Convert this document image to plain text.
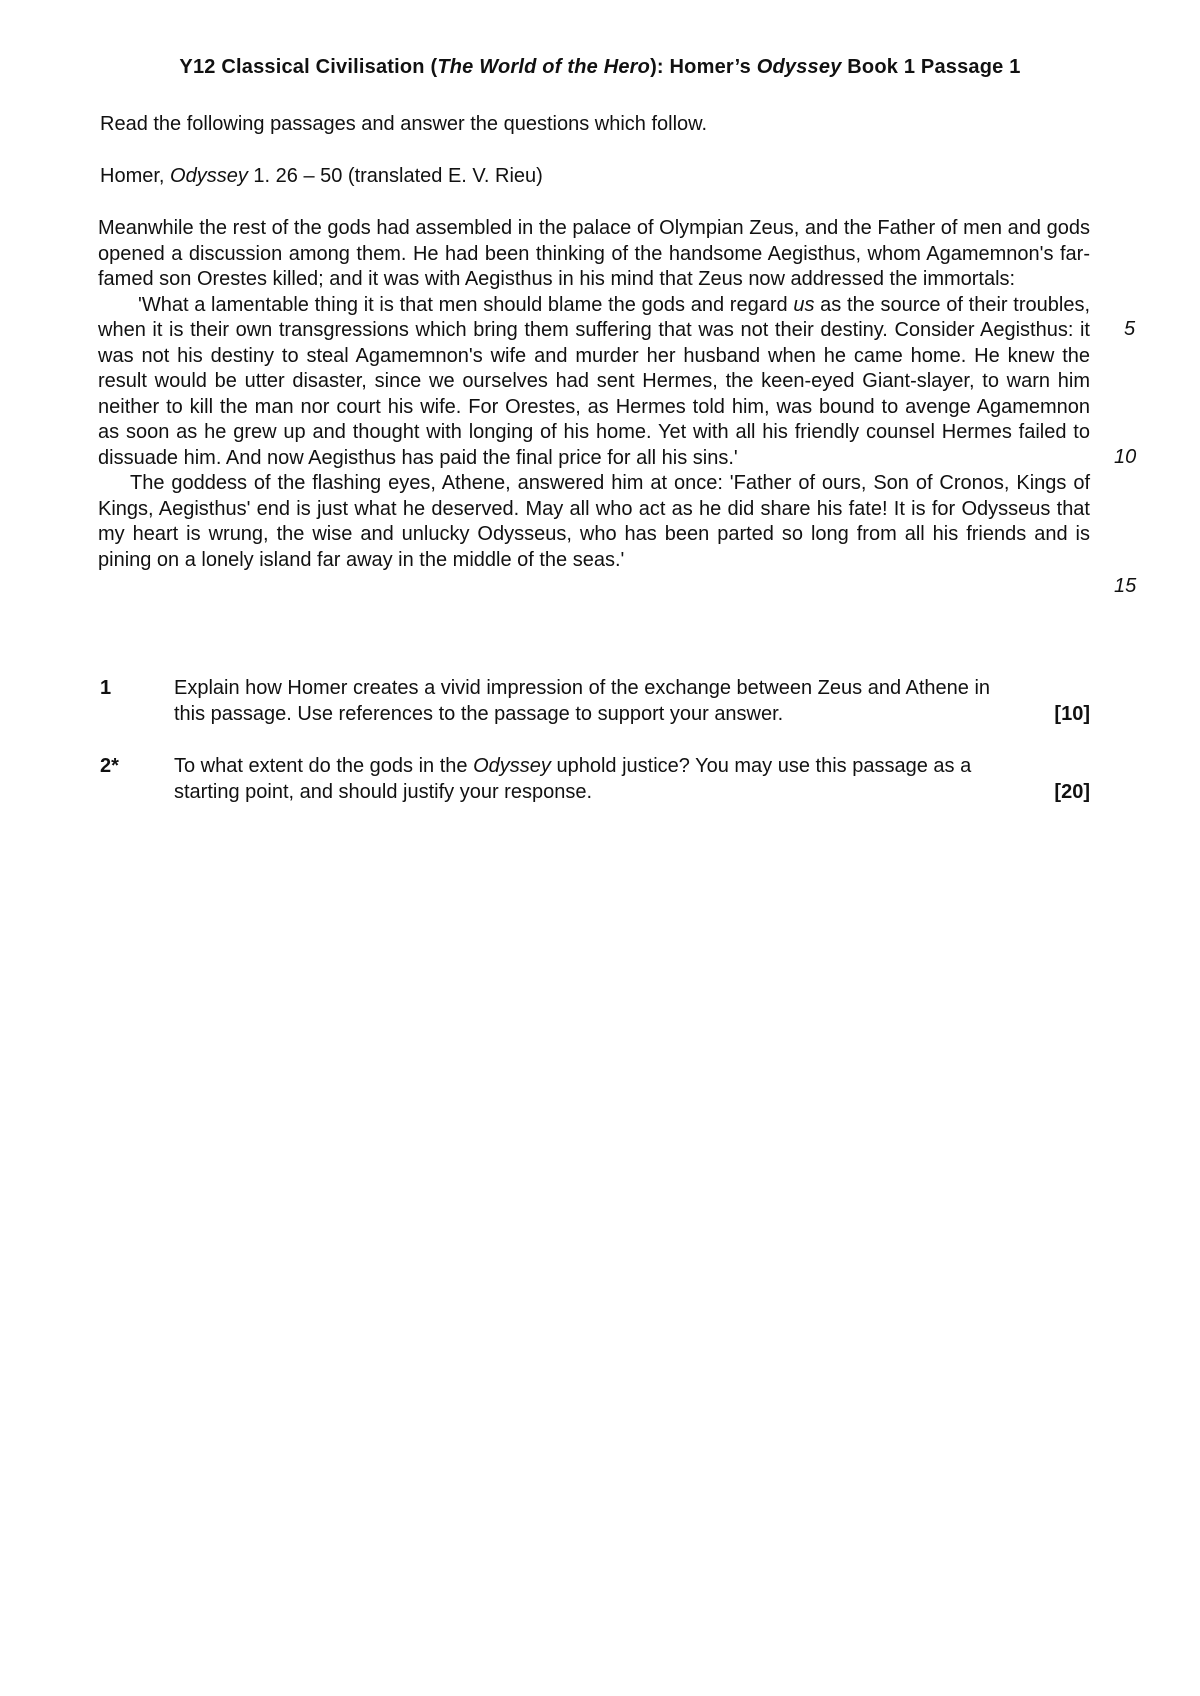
Y12 Classical Civilisation (The World of the Hero): Homer’s Odyssey Book 1 Passage 1
Read the following passages and answer the questions which follow.
Homer, Odyssey 1. 26 – 50 (translated E. V. Rieu)

Meanwhile the rest of the gods had assembled in the palace of Olympian Zeus, and the Father of men and gods opened a discussion among them. He had been thinking of the handsome Aegisthus, whom Agamemnon's far-famed son Orestes killed; and it was with Aegisthus in his mind that Zeus now addressed the immortals:

'What a lamentable thing it is that men should blame the gods and regard us as the source of their troubles, when it is their own transgressions which bring them suffering that was not their destiny. Consider Aegisthus: it was not his destiny to steal Agamemnon's wife and murder her husband when he came home. He knew the result would be utter disaster, since we ourselves had sent Hermes, the keen-eyed Giant-slayer, to warn him neither to kill the man nor court his wife. For Orestes, as Hermes told him, was bound to avenge Agamemnon as soon as he grew up and thought with longing of his home. Yet with all his friendly counsel Hermes failed to dissuade him. And now Aegisthus has paid the final price for all his sins.'

The goddess of the flashing eyes, Athene, answered him at once: 'Father of ours, Son of Cronos, Kings of Kings, Aegisthus' end is just what he deserved. May all who act as he did share his fate! It is for Odysseus that my heart is wrung, the wise and unlucky Odysseus, who has been parted so long from all his friends and is pining on a lonely island far away in the middle of the seas.'

5
10
15
1	Explain how Homer creates a vivid impression of the exchange between Zeus and Athene in
this passage. Use references to the passage to support your answer.	[10]
2*	To what extent do the gods in the Odyssey uphold justice? You may use this passage as a
starting point, and should justify your response.	[20]
